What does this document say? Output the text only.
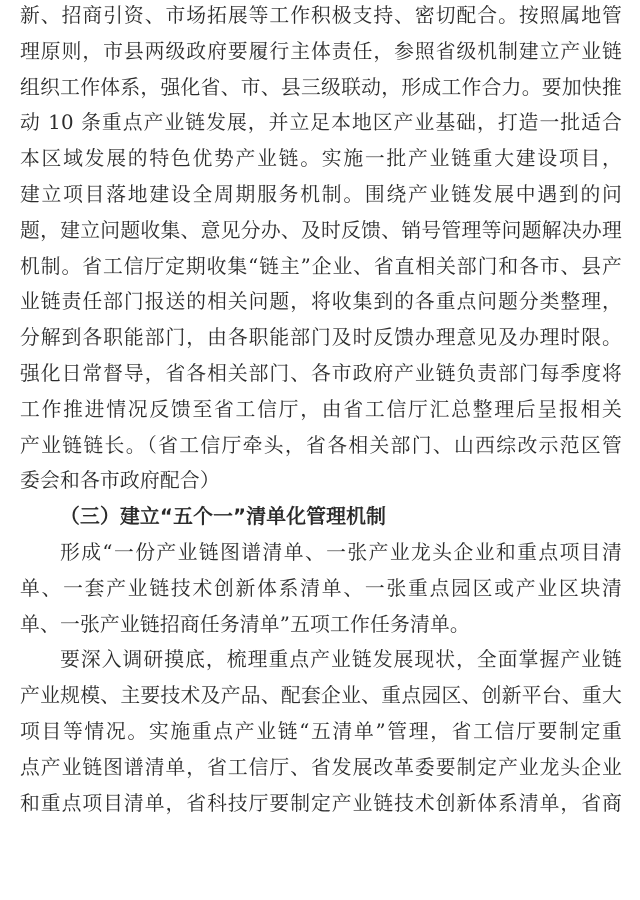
新、招商引资、市场拓展等工作积极支持、密切配合。按照属地管
理原则，市县两级政府要履行主体责任，参照省级机制建立产业链
组织工作体系，强化省、市、县三级联动，形成工作合力。要加快推
动 10 条重点产业链发展，并立足本地区产业基础，打造一批适合
本区域发展的特色优势产业链。实施一批产业链重大建设项目，
建立项目落地建设全周期服务机制。围绕产业链发展中遇到的问
题，建立问题收集、意见分办、及时反馈、销号管理等问题解决办理
机制。省工信厅定期收集“链主”企业、省直相关部门和各市、县产
业链责任部门报送的相关问题，将收集到的各重点问题分类整理，
分解到各职能部门，由各职能部门及时反馈办理意见及办理时限。
强化日常督导，省各相关部门、各市政府产业链负责部门每季度将
工作推进情况反馈至省工信厅，由省工信厅汇总整理后呈报相关
产业链链长。（省工信厅牵头，省各相关部门、山西综改示范区管
委会和各市政府配合）
（三）建立“五个一”清单化管理机制
形成“一份产业链图谱清单、一张产业龙头企业和重点项目清
单、一套产业链技术创新体系清单、一张重点园区或产业区块清
单、一张产业链招商任务清单”五项工作任务清单。
要深入调研摸底，梳理重点产业链发展现状，全面掌握产业链
产业规模、主要技术及产品、配套企业、重点园区、创新平台、重大
项目等情况。实施重点产业链“五清单”管理，省工信厅要制定重
点产业链图谱清单，省工信厅、省发展改革委要制定产业龙头企业
和重点项目清单，省科技厅要制定产业链技术创新体系清单，省商
